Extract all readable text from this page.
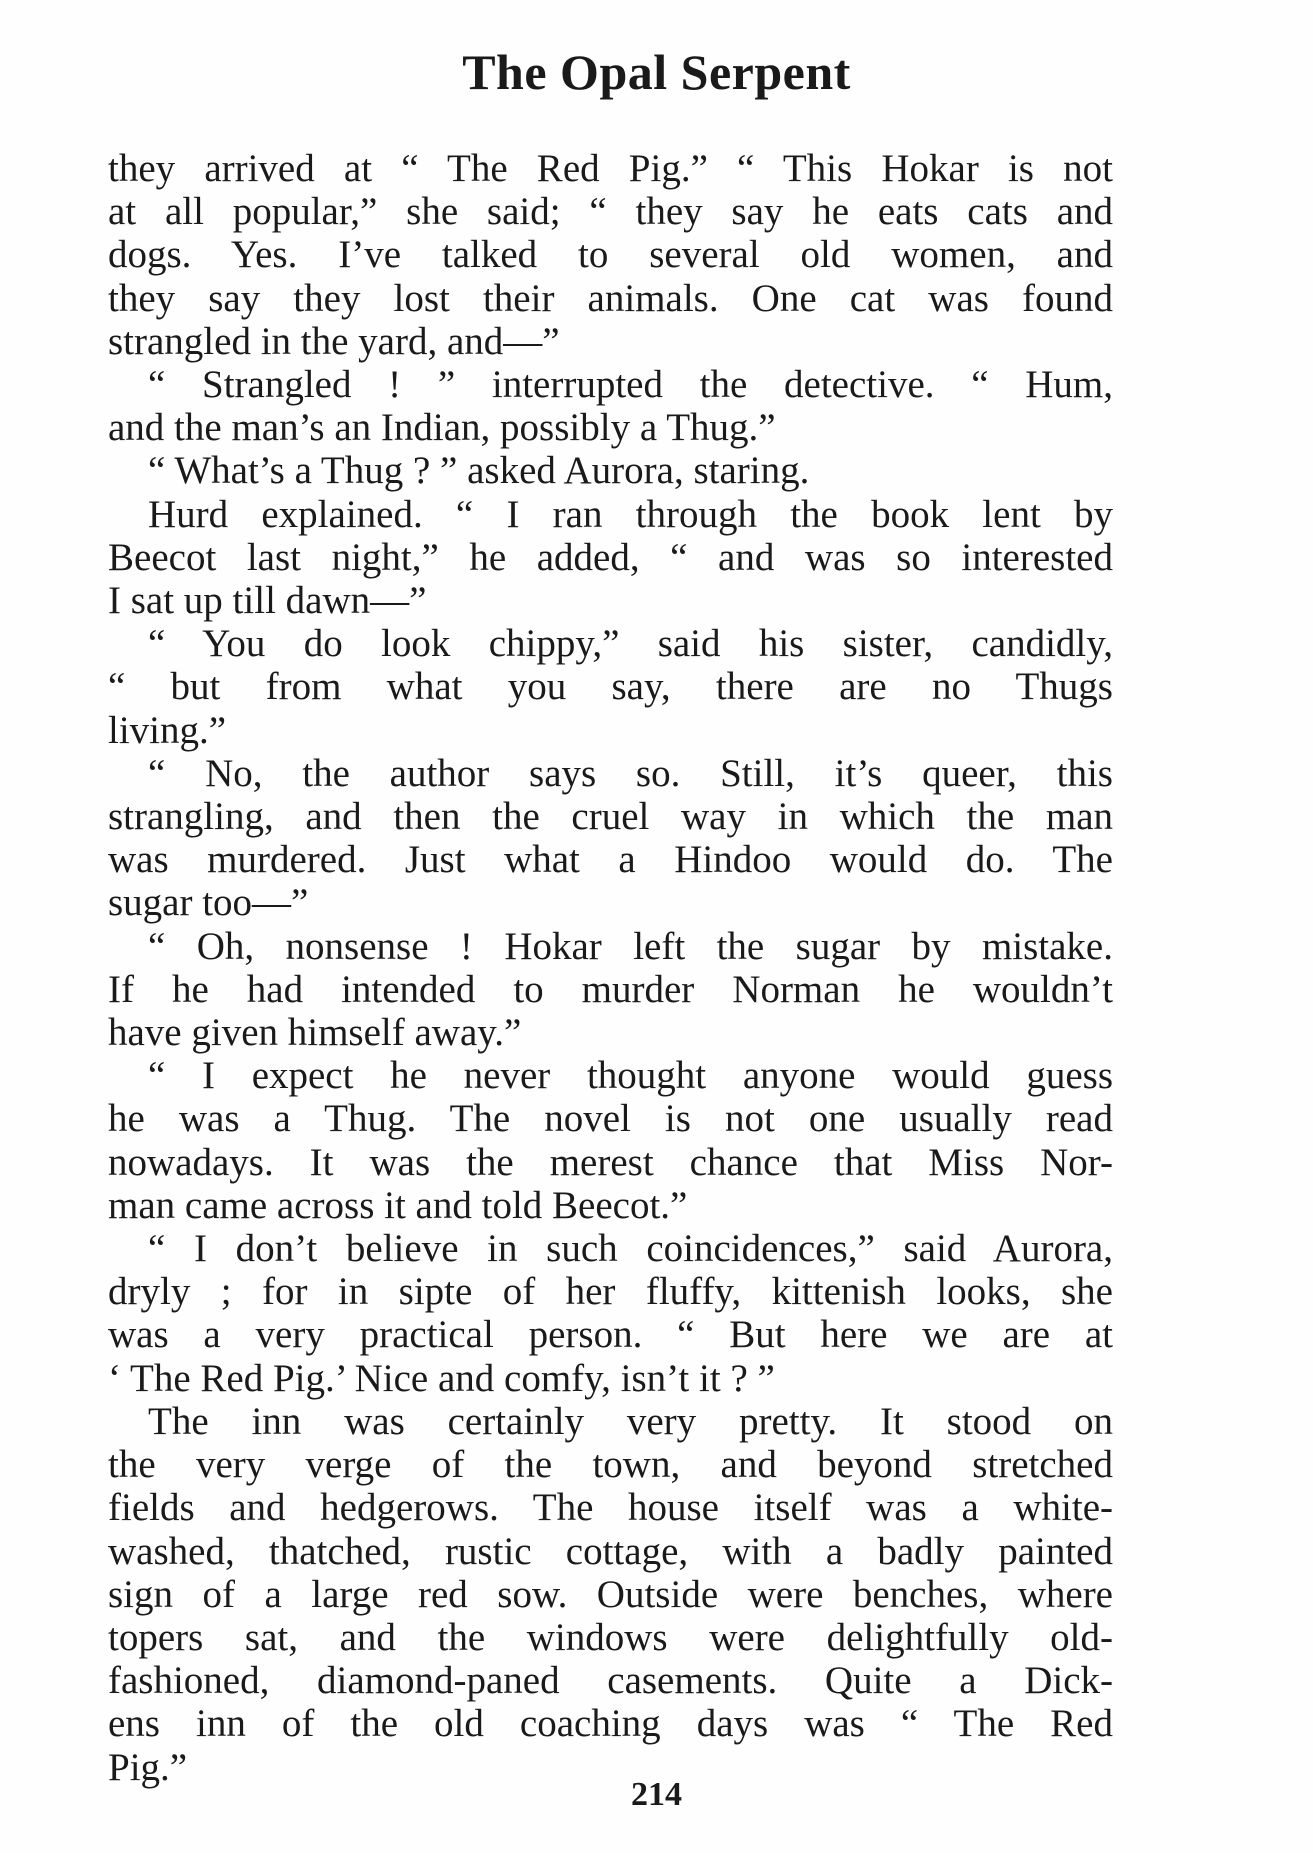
The Opal Serpent
they arrived at “ The Red Pig.” “ This Hokar is not
at all popular,” she said; “ they say he eats cats and
dogs. Yes. I’ve talked to several old women, and
they say they lost their animals. One cat was found
strangled in the yard, and—”
“ Strangled ! ” interrupted the detective. “ Hum,
and the man’s an Indian, possibly a Thug.”
“ What’s a Thug ? ” asked Aurora, staring.
Hurd explained. “ I ran through the book lent by
Beecot last night,” he added, “ and was so interested
I sat up till dawn—”
“ You do look chippy,” said his sister, candidly,
“ but from what you say, there are no Thugs
living.”
“ No, the author says so. Still, it’s queer, this
strangling, and then the cruel way in which the man
was murdered. Just what a Hindoo would do. The
sugar too—”
“ Oh, nonsense ! Hokar left the sugar by mistake.
If he had intended to murder Norman he wouldn’t
have given himself away.”
“ I expect he never thought anyone would guess
he was a Thug. The novel is not one usually read
nowadays. It was the merest chance that Miss Nor-
man came across it and told Beecot.”
“ I don’t believe in such coincidences,” said Aurora,
dryly ; for in sipte of her fluffy, kittenish looks, she
was a very practical person. “ But here we are at
‘ The Red Pig.’ Nice and comfy, isn’t it ? ”
The inn was certainly very pretty. It stood on
the very verge of the town, and beyond stretched
fields and hedgerows. The house itself was a white-
washed, thatched, rustic cottage, with a badly painted
sign of a large red sow. Outside were benches, where
topers sat, and the windows were delightfully old-
fashioned, diamond-paned casements. Quite a Dick-
ens inn of the old coaching days was “ The Red
Pig.”
214
